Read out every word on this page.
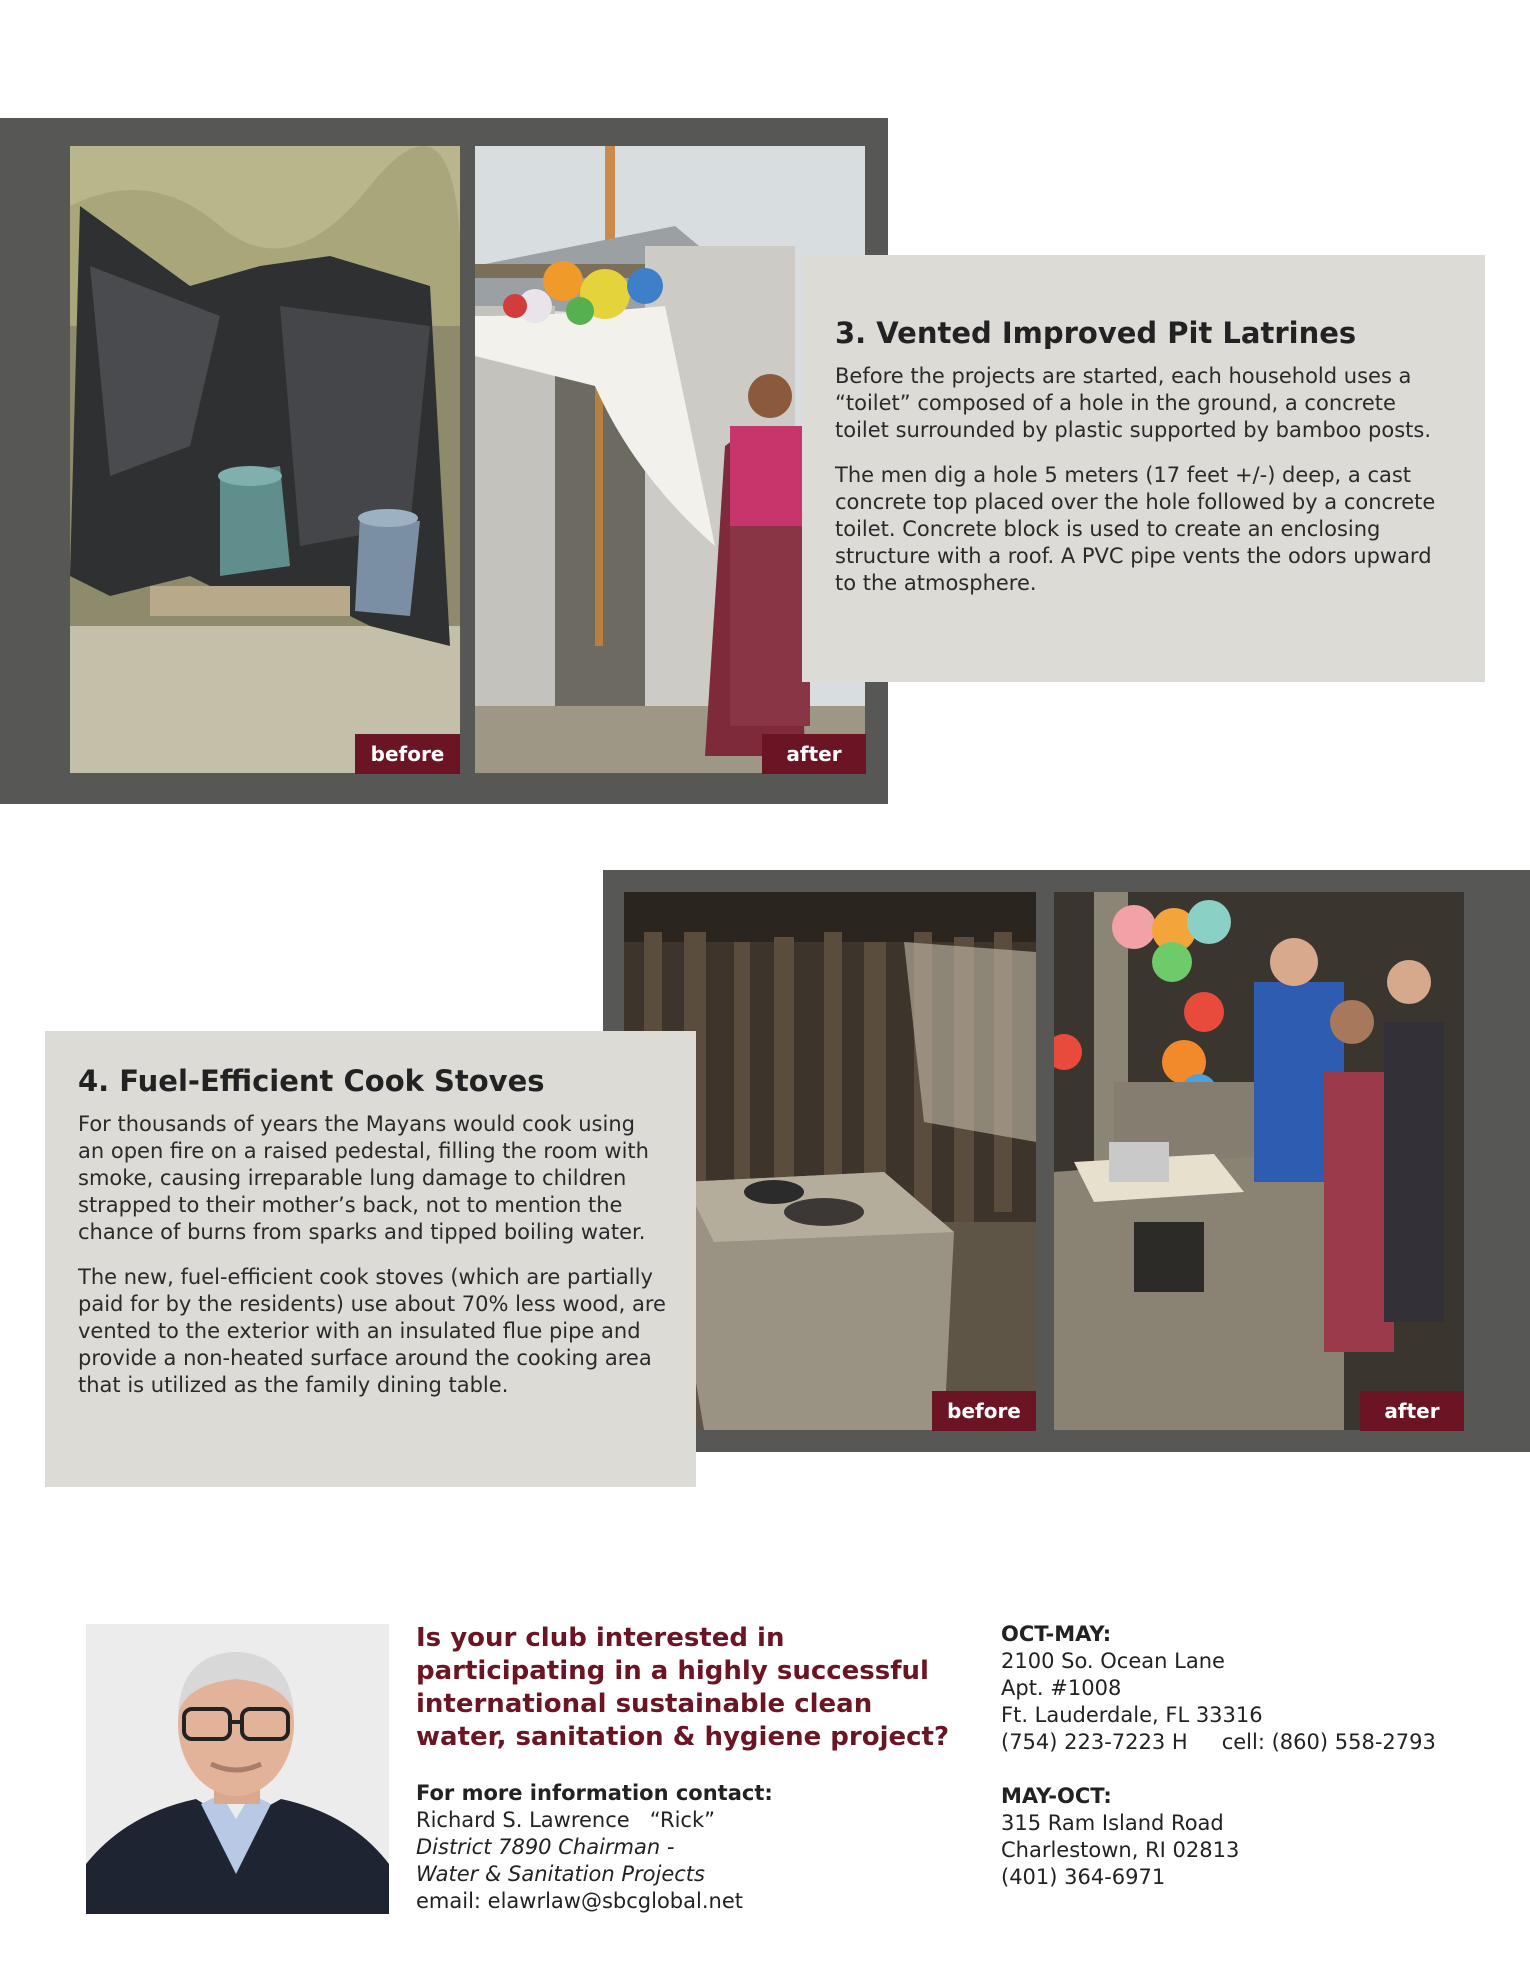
before	after
3. Vented Improved Pit Latrines

Before the projects are started, each household uses a “toilet” composed of a hole in the ground, a concrete toilet surrounded by plastic supported by bamboo posts.

The men dig a hole 5 meters (17 feet +/-) deep, a cast concrete top placed over the hole followed by a concrete toilet. Concrete block is used to create an enclosing structure with a roof. A PVC pipe vents the odors upward to the atmosphere.

before	after
4. Fuel-Efficient Cook Stoves

For thousands of years the Mayans would cook using an open fire on a raised pedestal, filling the room with smoke, causing irreparable lung damage to children strapped to their mother’s back, not to mention the chance of burns from sparks and tipped boiling water.

The new, fuel-efficient cook stoves (which are partially paid for by the residents) use about 70% less wood, are vented to the exterior with an insulated flue pipe and provide a non-heated surface around the cooking area that is utilized as the family dining table.

Is your club interested in participating in a highly successful international sustainable clean water, sanitation & hygiene project?
For more information contact:
Richard S. Lawrence   “Rick”
District 7890 Chairman -
Water & Sanitation Projects
email: elawrlaw@sbcglobal.net
OCT-MAY:
2100 So. Ocean Lane
Apt. #1008
Ft. Lauderdale, FL 33316
(754) 223-7223 H cell: (860) 558-2793
MAY-OCT:
315 Ram Island Road
Charlestown, RI 02813
(401) 364-6971
